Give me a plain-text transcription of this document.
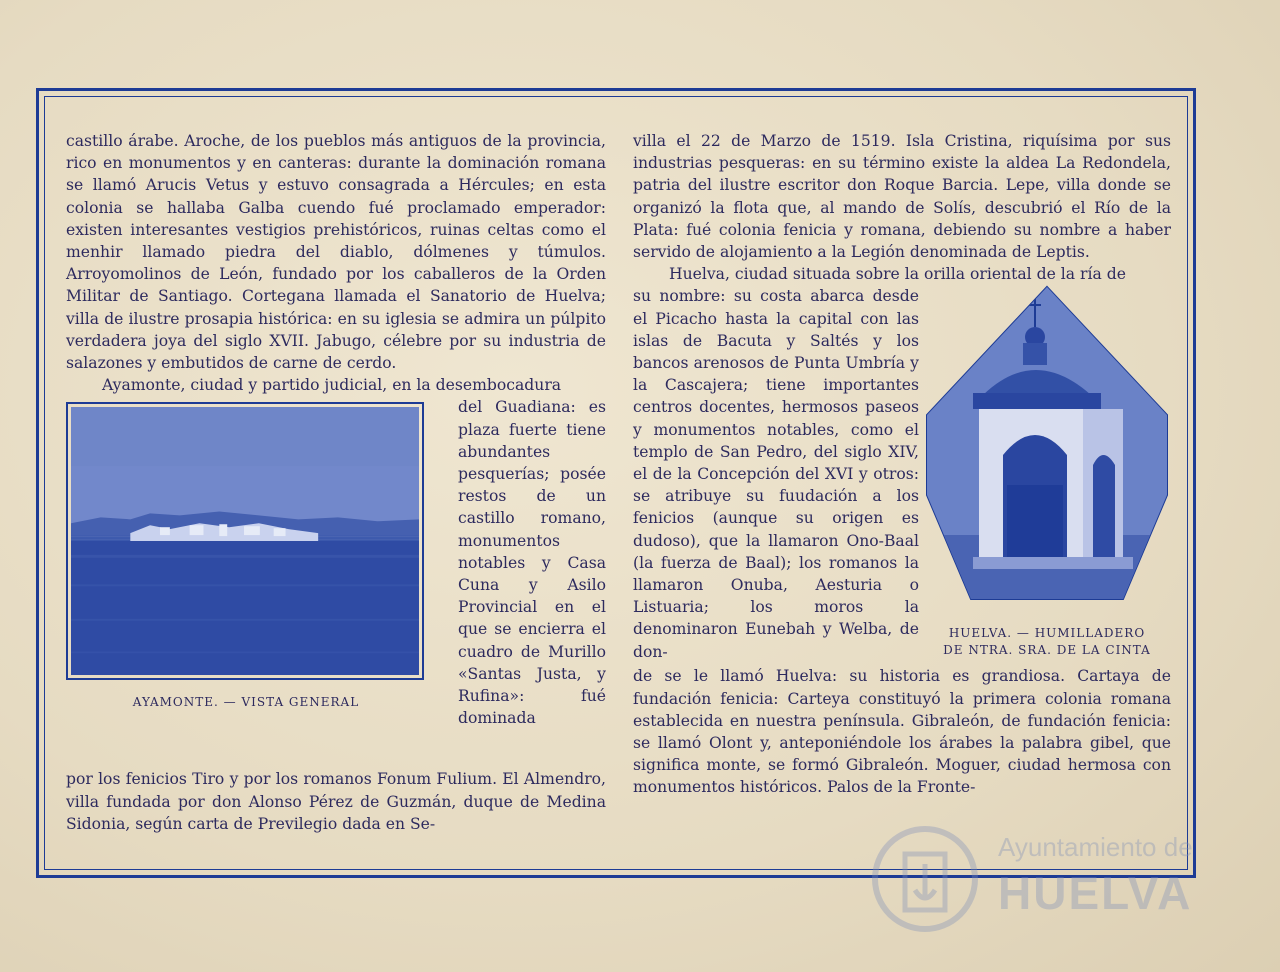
castillo árabe. Aroche, de los pueblos más antiguos de la provincia, rico en monumentos y en canteras: durante la dominación romana se llamó Arucis Vetus y estuvo consagrada a Hércules; en esta colonia se hallaba Galba cuendo fué proclamado emperador: existen interesantes vestigios prehistóricos, ruinas celtas como el menhir llamado piedra del diablo, dólmenes y túmulos. Arroyomolinos de León, fundado por los caballeros de la Orden Militar de Santiago. Cortegana llamada el Sanatorio de Huelva; villa de ilustre prosapia histórica: en su iglesia se admira un púlpito verdadera joya del siglo XVII. Jabugo, célebre por su industria de salazones y embutidos de carne de cerdo.

Ayamonte, ciudad y partido judicial, en la desembocadura

AYAMONTE. — VISTA GENERAL

del Guadiana: es plaza fuerte tiene abundantes pesquerías; posée restos de un castillo romano, monumentos notables y Casa Cuna y Asilo Provincial en el que se encierra el cuadro de Murillo «Santas Justa, y Rufina»: fué dominada

por los fenicios Tiro y por los romanos Fonum Fulium. El Almendro, villa fundada por don Alonso Pérez de Guzmán, duque de Medina Sidonia, según carta de Previlegio dada en Se-

villa el 22 de Marzo de 1519. Isla Cristina, riquísima por sus industrias pesqueras: en su término existe la aldea La Redondela, patria del ilustre escritor don Roque Barcia. Lepe, villa donde se organizó la flota que, al mando de Solís, descubrió el Río de la Plata: fué colonia fenicia y romana, debiendo su nombre a haber servido de alojamiento a la Legión denominada de Leptis.

Huelva, ciudad situada sobre la orilla oriental de la ría de

HUELVA. — HUMILLADERO
DE NTRA. SRA. DE LA CINTA

su nombre: su costa abarca desde el Picacho hasta la capital con las islas de Bacuta y Saltés y los bancos arenosos de Punta Umbría y la Cascajera; tiene importantes centros docentes, hermosos paseos y monumentos notables, como el templo de San Pedro, del siglo XIV, el de la Concepción del XVI y otros: se atribuye su fuudación a los fenicios (aunque su origen es dudoso), que la llamaron Ono-Baal (la fuerza de Baal); los romanos la llamaron Onuba, Aesturia o Listuaria; los moros la denominaron Eunebah y Welba, de don-

de se le llamó Huelva: su historia es grandiosa. Cartaya de fundación fenicia: Carteya constituyó la primera colonia romana establecida en nuestra península. Gibraleón, de fundación fenicia: se llamó Olont y, anteponiéndole los árabes la palabra gibel, que significa monte, se formó Gibraleón. Moguer, ciudad hermosa con monumentos históricos. Palos de la Fronte-

Ayuntamiento de
HUELVA
